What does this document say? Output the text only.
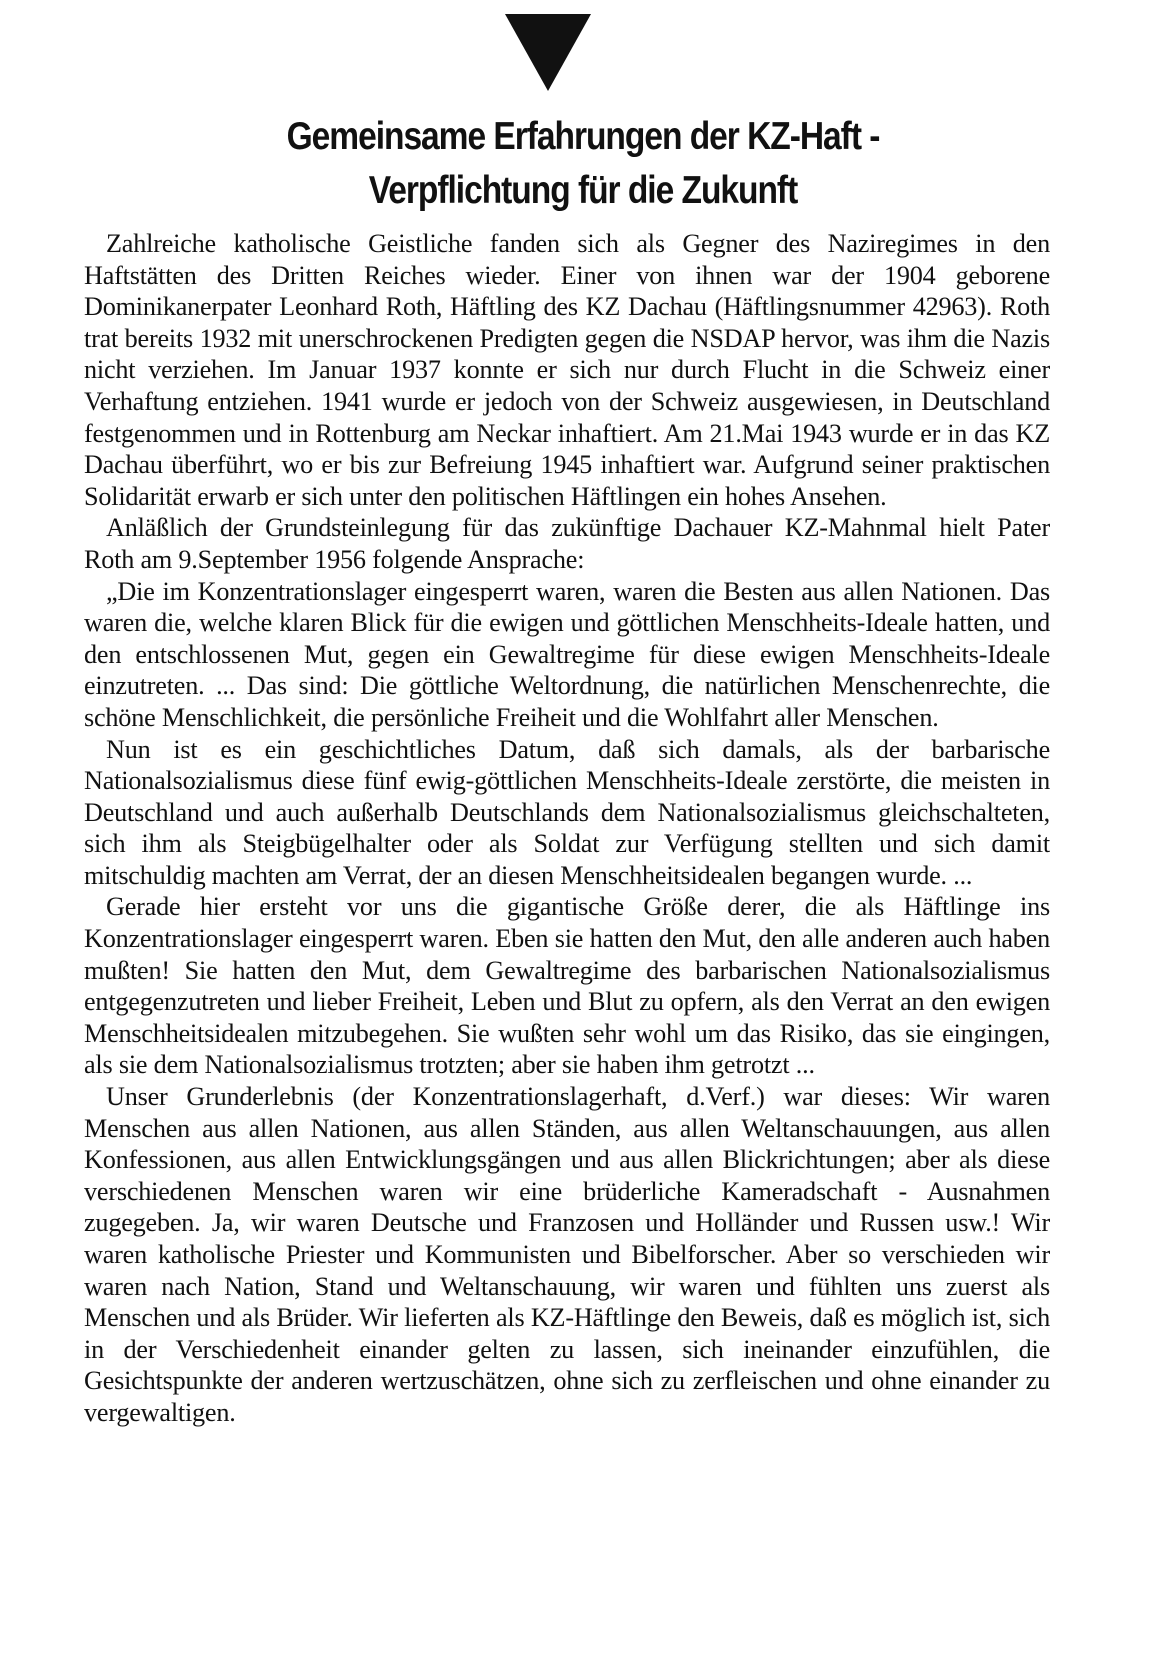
Gemeinsame Erfahrungen der KZ-Haft -
Verpflichtung für die Zukunft

Zahlreiche katholische Geistliche fanden sich als Gegner des Naziregimes in den Haftstätten des Dritten Reiches wieder. Einer von ihnen war der 1904 geborene Dominikanerpater Leonhard Roth, Häftling des KZ Dachau (Häftlingsnummer 42963). Roth trat bereits 1932 mit unerschrockenen Predigten gegen die NSDAP hervor, was ihm die Nazis nicht verziehen. Im Januar 1937 konnte er sich nur durch Flucht in die Schweiz einer Verhaftung entziehen. 1941 wurde er jedoch von der Schweiz ausgewiesen, in Deutschland festgenommen und in Rottenburg am Neckar inhaftiert. Am 21.Mai 1943 wurde er in das KZ Dachau überführt, wo er bis zur Befreiung 1945 inhaftiert war. Aufgrund seiner praktischen Solidarität erwarb er sich unter den politischen Häftlingen ein hohes Ansehen.

Anläßlich der Grundsteinlegung für das zukünftige Dachauer KZ-Mahnmal hielt Pater Roth am 9.September 1956 folgende Ansprache:

„Die im Konzentrationslager eingesperrt waren, waren die Besten aus allen Nationen. Das waren die, welche klaren Blick für die ewigen und göttlichen Menschheits-Ideale hatten, und den entschlossenen Mut, gegen ein Gewaltregime für diese ewigen Menschheits-Ideale einzutreten. ... Das sind: Die göttliche Weltordnung, die natürlichen Menschenrechte, die schöne Menschlichkeit, die persönliche Freiheit und die Wohlfahrt aller Menschen.

Nun ist es ein geschichtliches Datum, daß sich damals, als der barbarische Nationalsozialismus diese fünf ewig-göttlichen Menschheits-Ideale zerstörte, die meisten in Deutschland und auch außerhalb Deutschlands dem Nationalsozialismus gleichschalteten, sich ihm als Steigbügelhalter oder als Soldat zur Verfügung stellten und sich damit mitschuldig machten am Verrat, der an diesen Menschheitsidealen begangen wurde. ...

Gerade hier ersteht vor uns die gigantische Größe derer, die als Häftlinge ins Konzentrationslager eingesperrt waren. Eben sie hatten den Mut, den alle anderen auch haben mußten! Sie hatten den Mut, dem Gewaltregime des barbarischen Nationalsozialismus entgegenzutreten und lieber Freiheit, Leben und Blut zu opfern, als den Verrat an den ewigen Menschheitsidealen mitzubegehen. Sie wußten sehr wohl um das Risiko, das sie eingingen, als sie dem Nationalsozialismus trotzten; aber sie haben ihm getrotzt ...

Unser Grunderlebnis (der Konzentrationslagerhaft, d.Verf.) war dieses: Wir waren Menschen aus allen Nationen, aus allen Ständen, aus allen Weltanschauungen, aus allen Konfessionen, aus allen Entwicklungsgängen und aus allen Blickrichtungen; aber als diese verschiedenen Menschen waren wir eine brüderliche Kameradschaft - Ausnahmen zugegeben. Ja, wir waren Deutsche und Franzosen und Holländer und Russen usw.! Wir waren katholische Priester und Kommunisten und Bibelforscher. Aber so verschieden wir waren nach Nation, Stand und Weltanschauung, wir waren und fühlten uns zuerst als Menschen und als Brüder. Wir lieferten als KZ-Häftlinge den Beweis, daß es möglich ist, sich in der Verschiedenheit einander gelten zu lassen, sich ineinander einzufühlen, die Gesichtspunkte der anderen wertzuschätzen, ohne sich zu zerfleischen und ohne einander zu vergewaltigen.
